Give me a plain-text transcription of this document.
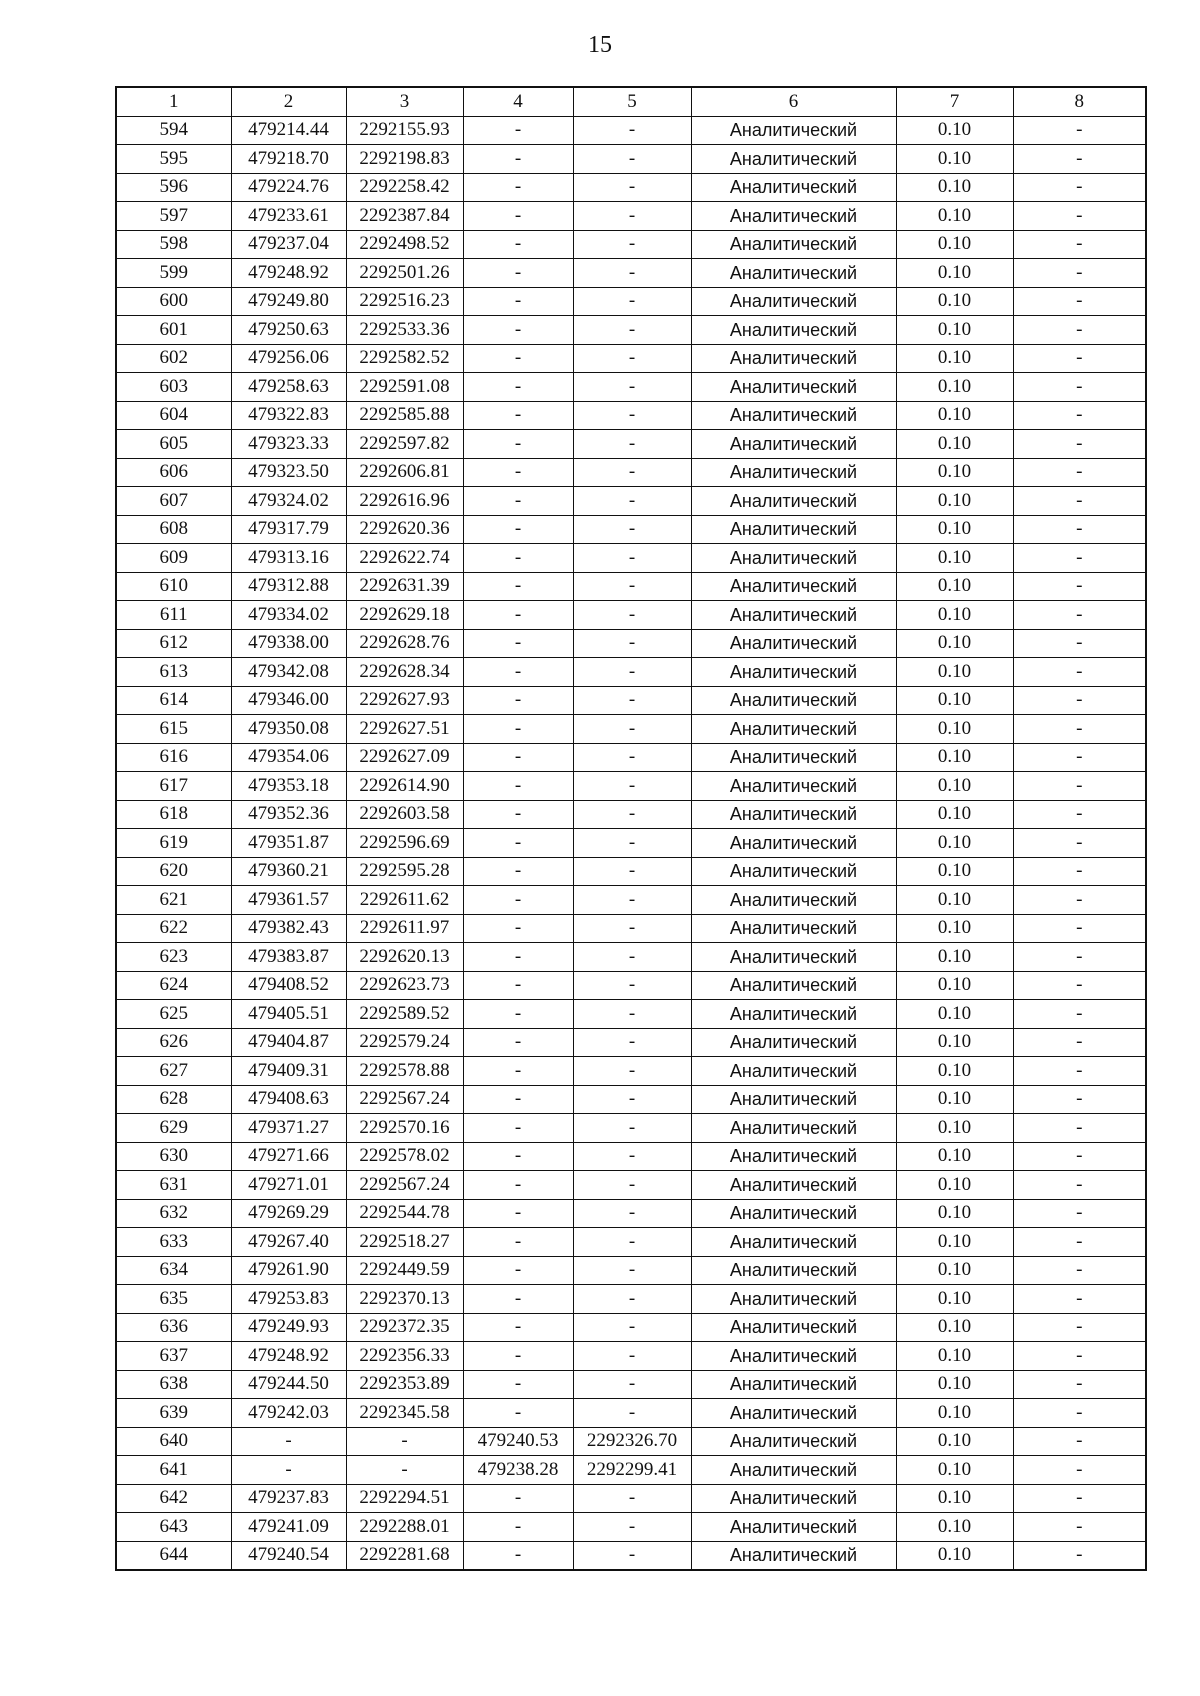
15
1	2	3	4	5	6	7	8
594	479214.44	2292155.93	-	-	Аналитический	0.10	-
595	479218.70	2292198.83	-	-	Аналитический	0.10	-
596	479224.76	2292258.42	-	-	Аналитический	0.10	-
597	479233.61	2292387.84	-	-	Аналитический	0.10	-
598	479237.04	2292498.52	-	-	Аналитический	0.10	-
599	479248.92	2292501.26	-	-	Аналитический	0.10	-
600	479249.80	2292516.23	-	-	Аналитический	0.10	-
601	479250.63	2292533.36	-	-	Аналитический	0.10	-
602	479256.06	2292582.52	-	-	Аналитический	0.10	-
603	479258.63	2292591.08	-	-	Аналитический	0.10	-
604	479322.83	2292585.88	-	-	Аналитический	0.10	-
605	479323.33	2292597.82	-	-	Аналитический	0.10	-
606	479323.50	2292606.81	-	-	Аналитический	0.10	-
607	479324.02	2292616.96	-	-	Аналитический	0.10	-
608	479317.79	2292620.36	-	-	Аналитический	0.10	-
609	479313.16	2292622.74	-	-	Аналитический	0.10	-
610	479312.88	2292631.39	-	-	Аналитический	0.10	-
611	479334.02	2292629.18	-	-	Аналитический	0.10	-
612	479338.00	2292628.76	-	-	Аналитический	0.10	-
613	479342.08	2292628.34	-	-	Аналитический	0.10	-
614	479346.00	2292627.93	-	-	Аналитический	0.10	-
615	479350.08	2292627.51	-	-	Аналитический	0.10	-
616	479354.06	2292627.09	-	-	Аналитический	0.10	-
617	479353.18	2292614.90	-	-	Аналитический	0.10	-
618	479352.36	2292603.58	-	-	Аналитический	0.10	-
619	479351.87	2292596.69	-	-	Аналитический	0.10	-
620	479360.21	2292595.28	-	-	Аналитический	0.10	-
621	479361.57	2292611.62	-	-	Аналитический	0.10	-
622	479382.43	2292611.97	-	-	Аналитический	0.10	-
623	479383.87	2292620.13	-	-	Аналитический	0.10	-
624	479408.52	2292623.73	-	-	Аналитический	0.10	-
625	479405.51	2292589.52	-	-	Аналитический	0.10	-
626	479404.87	2292579.24	-	-	Аналитический	0.10	-
627	479409.31	2292578.88	-	-	Аналитический	0.10	-
628	479408.63	2292567.24	-	-	Аналитический	0.10	-
629	479371.27	2292570.16	-	-	Аналитический	0.10	-
630	479271.66	2292578.02	-	-	Аналитический	0.10	-
631	479271.01	2292567.24	-	-	Аналитический	0.10	-
632	479269.29	2292544.78	-	-	Аналитический	0.10	-
633	479267.40	2292518.27	-	-	Аналитический	0.10	-
634	479261.90	2292449.59	-	-	Аналитический	0.10	-
635	479253.83	2292370.13	-	-	Аналитический	0.10	-
636	479249.93	2292372.35	-	-	Аналитический	0.10	-
637	479248.92	2292356.33	-	-	Аналитический	0.10	-
638	479244.50	2292353.89	-	-	Аналитический	0.10	-
639	479242.03	2292345.58	-	-	Аналитический	0.10	-
640	-	-	479240.53	2292326.70	Аналитический	0.10	-
641	-	-	479238.28	2292299.41	Аналитический	0.10	-
642	479237.83	2292294.51	-	-	Аналитический	0.10	-
643	479241.09	2292288.01	-	-	Аналитический	0.10	-
644	479240.54	2292281.68	-	-	Аналитический	0.10	-
